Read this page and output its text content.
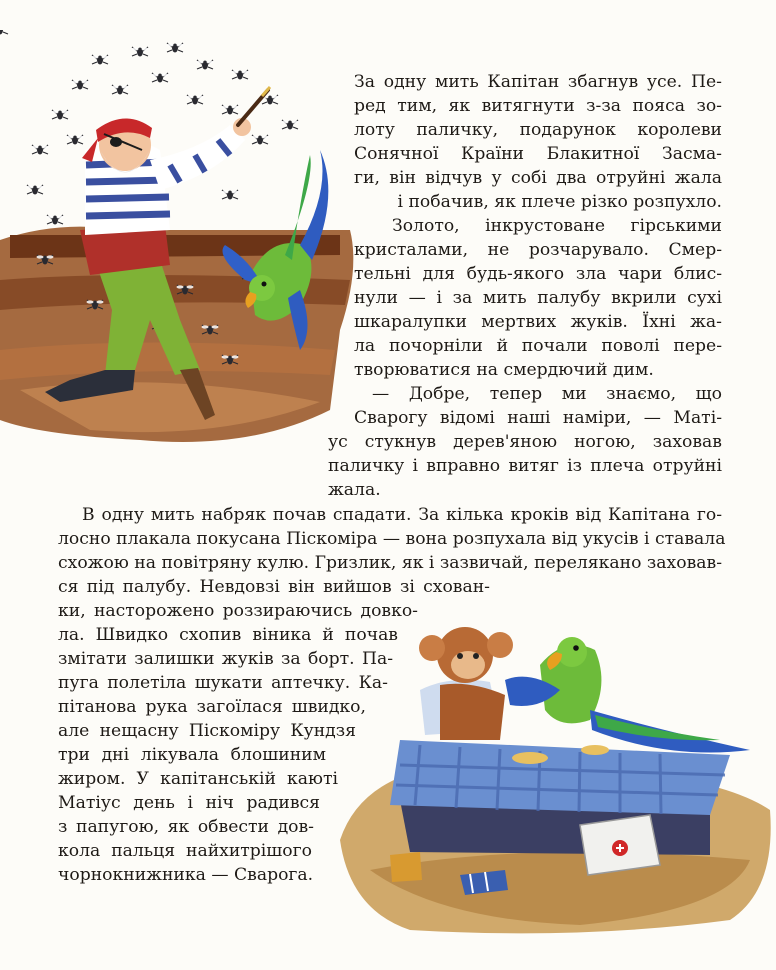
За одну мить Капітан збагнув усе. Пе-
ред тим, як витягнути з-за пояса зо-
лоту паличку, подарунок королеви
Сонячної Країни Блакитної Засма-
ги, він відчув у собі два отруйні жала
і побачив, як плече різко розпухло.
Золото, інкрустоване гірськими
кристалами, не розчарувало. Смер-
тельні для будь-якого зла чари блис-
нули — і за мить палубу вкрили сухі
шкаралупки мертвих жуків. Їхні жа-
ла почорніли й почали поволі пере-
творюватися на смердючий дим.
— Добре, тепер ми знаємо, що
Сварогу відомі наші наміри, — Маті-
ус стукнув дерев'яною ногою, заховав
паличку і вправно витяг із плеча отруйні
жала.
В одну мить набряк почав спадати. За кілька кроків від Капітана го-
лосно плакала покусана Піскоміра — вона розпухала від укусів і ставала
схожою на повітряну кулю. Гризлик, як і зазвичай, переляканo заховав-
ся під палубу. Невдовзі він вийшов зі схован-
ки, настороженo роззираючись довко-
ла. Швидко схопив віника й почав
змітати залишки жуків за борт. Па-
пуга полетіла шукати аптечку. Ка-
пітанова рука загоїлася швидко,
але нещасну Піскоміру Кундзя
три дні лікувала блошиним
жиром. У капітанській каюті
Матіус день і ніч радився
з папугою, як обвести дов-
кола пальця найхитрішого
чорнокнижника — Сварога.
